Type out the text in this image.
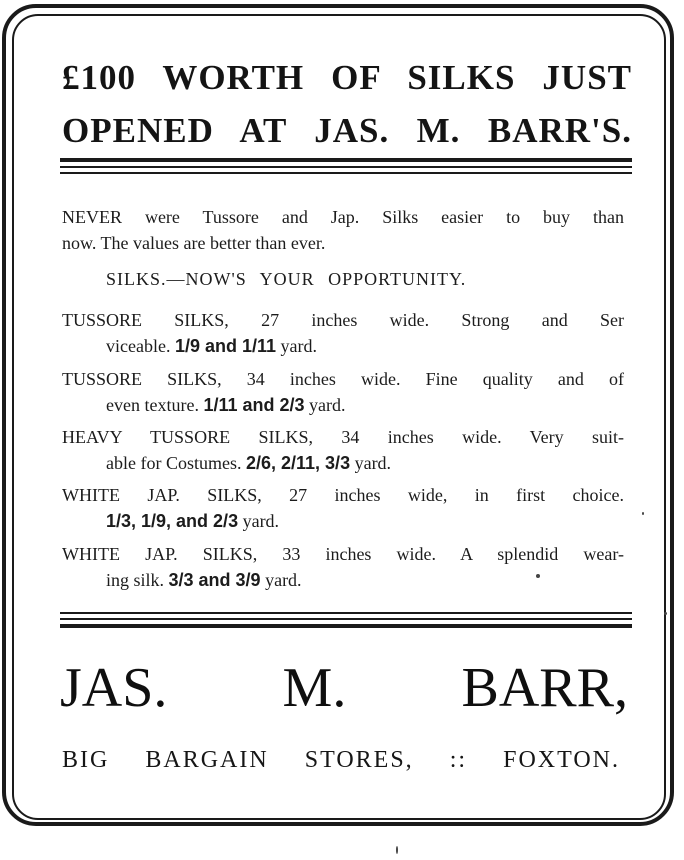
£100 WORTH OF SILKS JUST
OPENED AT JAS. M. BARR'S.
NEVER were Tussore and Jap. Silks easier to buy than
now. The values are better than ever.
SILKS.—NOW'S YOUR OPPORTUNITY.
TUSSORE SILKS, 27 inches wide. Strong and Ser
viceable. 1/9 and 1/11 yard.
TUSSORE SILKS, 34 inches wide. Fine quality and of
even texture. 1/11 and 2/3 yard.
HEAVY TUSSORE SILKS, 34 inches wide. Very suit-
able for Costumes. 2/6, 2/11, 3/3 yard.
WHITE JAP. SILKS, 27 inches wide, in first choice.
1/3, 1/9, and 2/3 yard.
WHITE JAP. SILKS, 33 inches wide. A splendid wear-
ing silk. 3/3 and 3/9 yard.
JAS. M. BARR,
BIG BARGAIN STORES, :: FOXTON.
